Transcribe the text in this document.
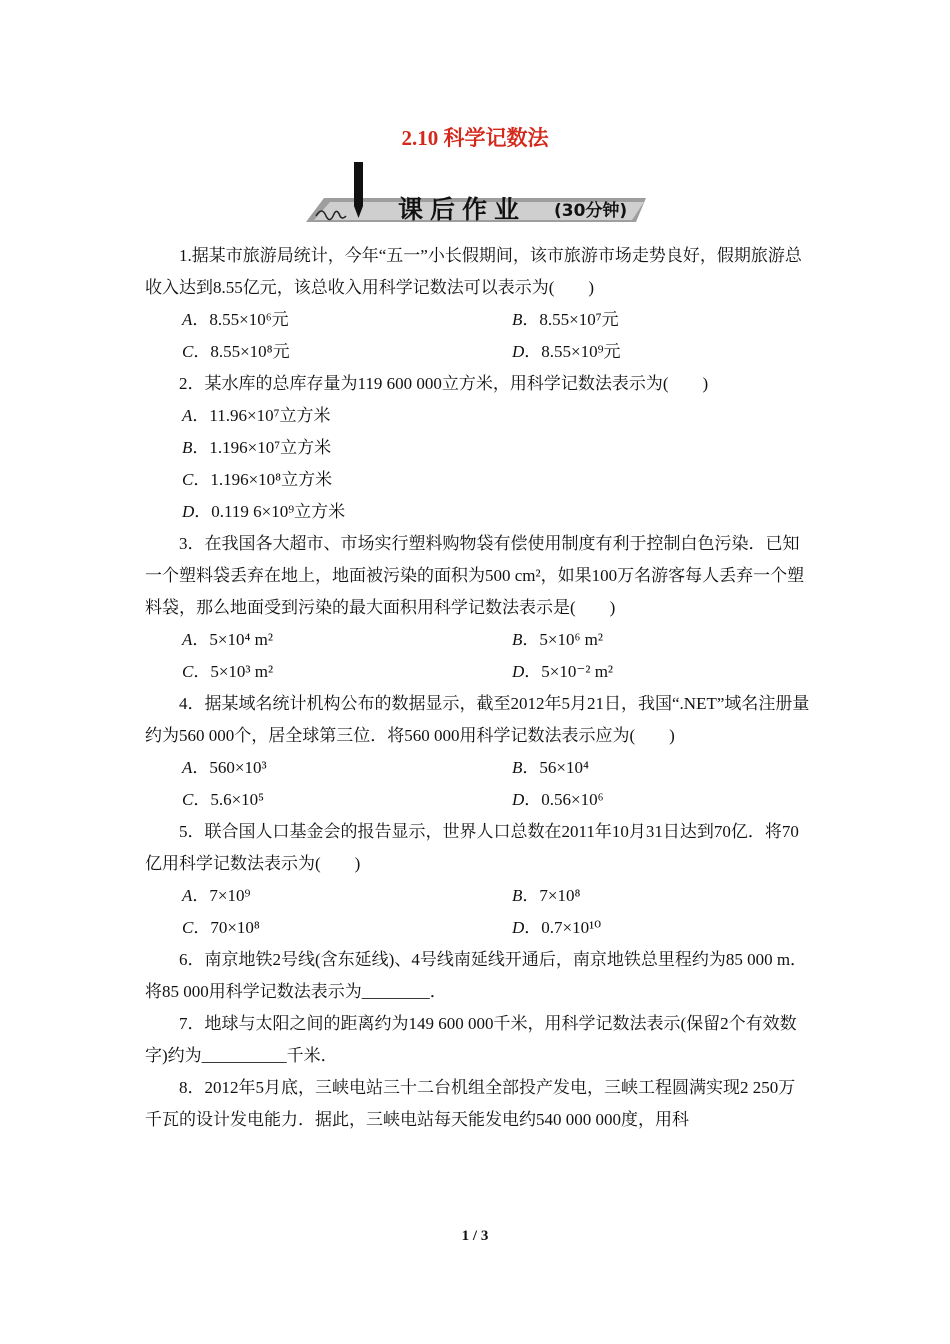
2.10 科学记数法
课后作业 (30分钟)

1.据某市旅游局统计，今年“五一”小长假期间，该市旅游市场走势良好，假期旅游总收入达到8.55亿元，该总收入用科学记数法可以表示为(　　)

A．8.55×10⁶元	B．8.55×10⁷元
C．8.55×10⁸元	D．8.55×10⁹元

2．某水库的总库存量为119 600 000立方米，用科学记数法表示为(　　)

A．11.96×10⁷立方米
B．1.196×10⁷立方米
C．1.196×10⁸立方米
D．0.119 6×10⁹立方米

3．在我国各大超市、市场实行塑料购物袋有偿使用制度有利于控制白色污染．已知一个塑料袋丢弃在地上，地面被污染的面积为500 cm²，如果100万名游客每人丢弃一个塑料袋，那么地面受到污染的最大面积用科学记数法表示是(　　)

A．5×10⁴ m²	B．5×10⁶ m²
C．5×10³ m²	D．5×10⁻² m²

4．据某域名统计机构公布的数据显示，截至2012年5月21日，我国“.NET”域名注册量约为560 000个，居全球第三位．将560 000用科学记数法表示应为(　　)

A．560×10³	B．56×10⁴
C．5.6×10⁵	D．0.56×10⁶

5．联合国人口基金会的报告显示，世界人口总数在2011年10月31日达到70亿．将70亿用科学记数法表示为(　　)

A．7×10⁹	B．7×10⁸
C．70×10⁸	D．0.7×10¹⁰

6．南京地铁2号线(含东延线)、4号线南延线开通后，南京地铁总里程约为85 000 m．将85 000用科学记数法表示为________．

7．地球与太阳之间的距离约为149 600 000千米，用科学记数法表示(保留2个有效数字)约为__________千米．

8．2012年5月底，三峡电站三十二台机组全部投产发电，三峡工程圆满实现2 250万千瓦的设计发电能力．据此，三峡电站每天能发电约540 000 000度，用科

1 / 3
